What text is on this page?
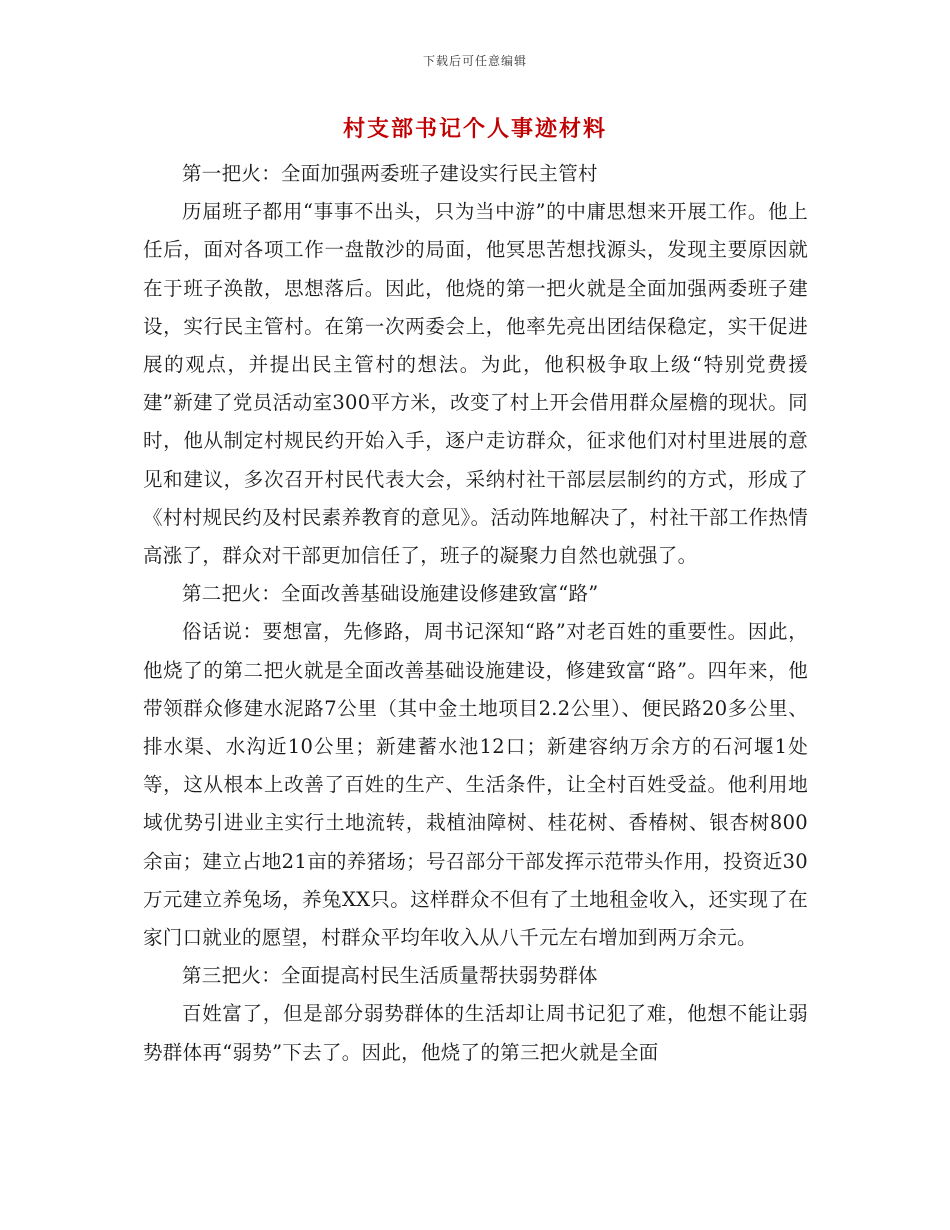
下载后可任意编辑
村支部书记个人事迹材料

第一把火：全面加强两委班子建设实行民主管村

历届班子都用“事事不出头，只为当中游”的中庸思想来开展工作。他上任后，面对各项工作一盘散沙的局面，他冥思苦想找源头，发现主要原因就在于班子涣散，思想落后。因此，他烧的第一把火就是全面加强两委班子建设，实行民主管村。在第一次两委会上，他率先亮出团结保稳定，实干促进展的观点，并提出民主管村的想法。为此，他积极争取上级“特别党费援建”新建了党员活动室300平方米，改变了村上开会借用群众屋檐的现状。同时，他从制定村规民约开始入手，逐户走访群众，征求他们对村里进展的意见和建议，多次召开村民代表大会，采纳村社干部层层制约的方式，形成了《村村规民约及村民素养教育的意见》。活动阵地解决了，村社干部工作热情高涨了，群众对干部更加信任了，班子的凝聚力自然也就强了。

第二把火：全面改善基础设施建设修建致富“路”

俗话说：要想富，先修路，周书记深知“路”对老百姓的重要性。因此，他烧了的第二把火就是全面改善基础设施建设，修建致富“路”。四年来，他带领群众修建水泥路7公里（其中金土地项目2.2公里）、便民路20多公里、排水渠、水沟近10公里；新建蓄水池12口；新建容纳万余方的石河堰1处等，这从根本上改善了百姓的生产、生活条件，让全村百姓受益。他利用地域优势引进业主实行土地流转，栽植油障树、桂花树、香椿树、银杏树800余亩；建立占地21亩的养猪场；号召部分干部发挥示范带头作用，投资近30万元建立养兔场，养兔XX只。这样群众不但有了土地租金收入，还实现了在家门口就业的愿望，村群众平均年收入从八千元左右增加到两万余元。

第三把火：全面提高村民生活质量帮扶弱势群体

百姓富了，但是部分弱势群体的生活却让周书记犯了难，他想不能让弱势群体再“弱势”下去了。因此，他烧了的第三把火就是全面
